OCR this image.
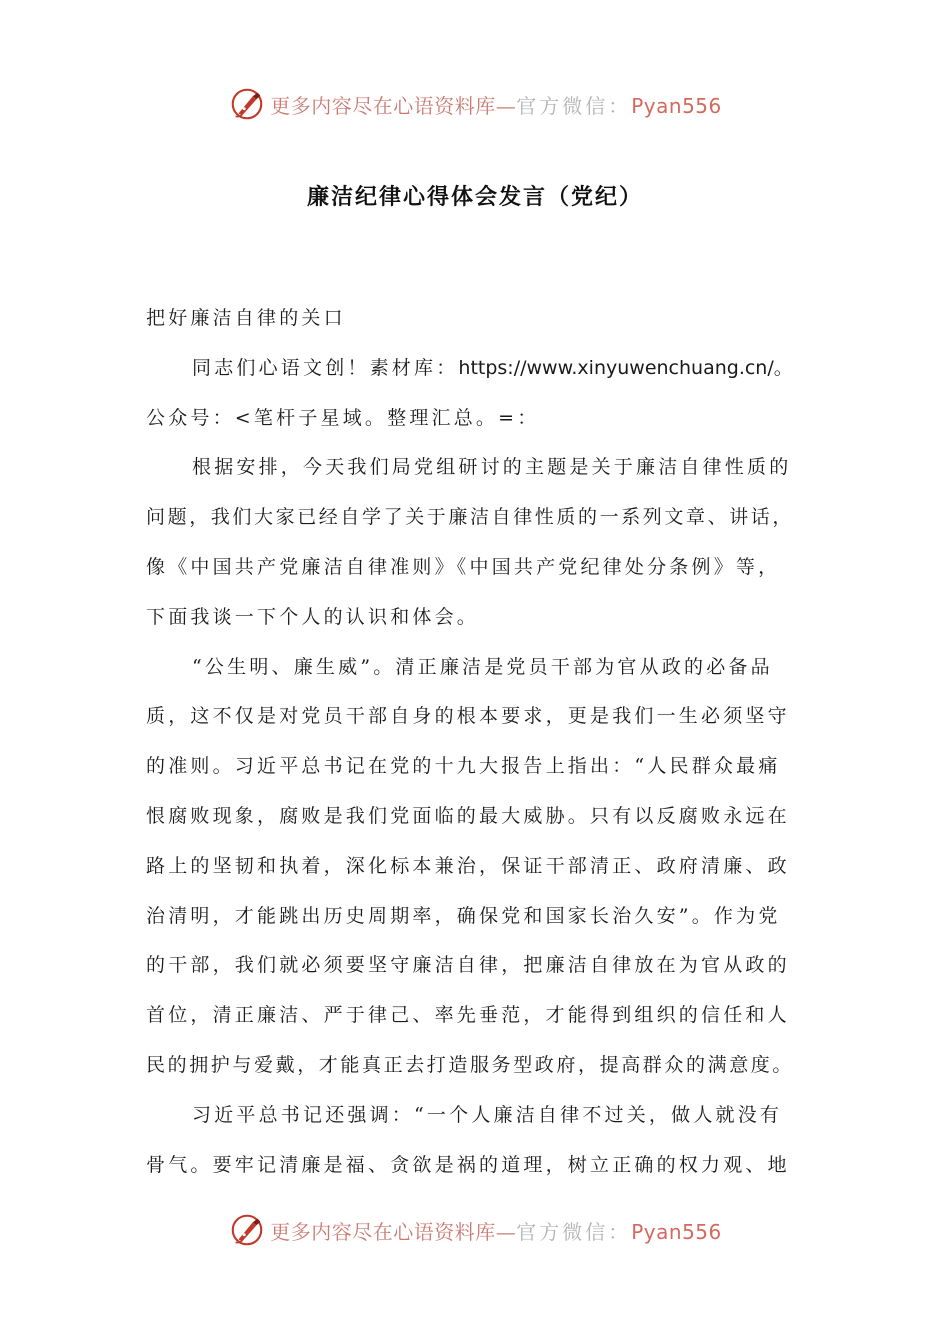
更多内容尽在心语资料库—官方微信：Pyan556
廉洁纪律心得体会发言（党纪）
把好廉洁自律的关口
同志们心语文创！素材库：https://www.xinyuwenchuang.cn/。
公众号：<笔杆子星域。整理汇总。=：
根据安排，今天我们局党组研讨的主题是关于廉洁自律性质的
问题，我们大家已经自学了关于廉洁自律性质的一系列文章、讲话，
像《中国共产党廉洁自律准则》《中国共产党纪律处分条例》等，
下面我谈一下个人的认识和体会。
“公生明、廉生威”。清正廉洁是党员干部为官从政的必备品
质，这不仅是对党员干部自身的根本要求，更是我们一生必须坚守
的准则。习近平总书记在党的十九大报告上指出：“人民群众最痛
恨腐败现象，腐败是我们党面临的最大威胁。只有以反腐败永远在
路上的坚韧和执着，深化标本兼治，保证干部清正、政府清廉、政
治清明，才能跳出历史周期率，确保党和国家长治久安”。作为党
的干部，我们就必须要坚守廉洁自律，把廉洁自律放在为官从政的
首位，清正廉洁、严于律己、率先垂范，才能得到组织的信任和人
民的拥护与爱戴，才能真正去打造服务型政府，提高群众的满意度。
习近平总书记还强调：“一个人廉洁自律不过关，做人就没有
骨气。要牢记清廉是福、贪欲是祸的道理，树立正确的权力观、地
更多内容尽在心语资料库—官方微信：Pyan556
